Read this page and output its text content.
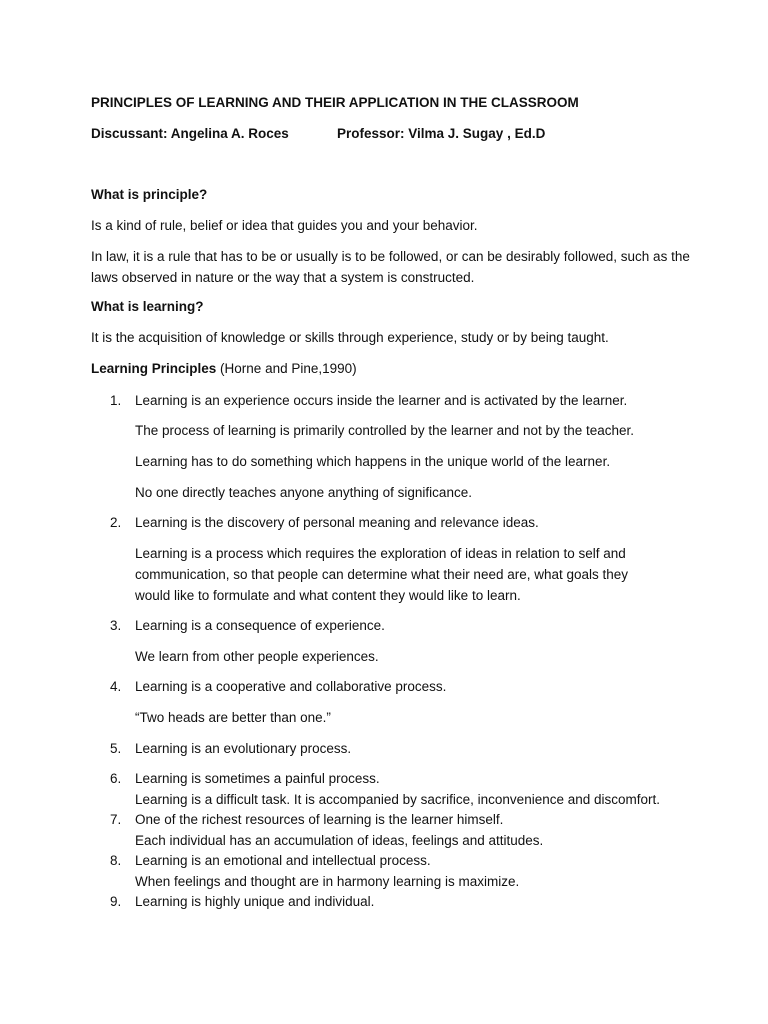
PRINCIPLES OF LEARNING AND THEIR APPLICATION IN THE CLASSROOM
Discussant: Angelina A. Roces	Professor: Vilma J. Sugay , Ed.D
What is principle?
Is a kind of rule, belief or idea that guides you and your behavior.
In law, it is a rule that has to be or usually is to be followed, or can be desirably followed, such as the laws observed in nature or the way that a system is constructed.
What is learning?
It is the acquisition of knowledge or skills through experience, study or by being taught.
Learning Principles (Horne and Pine,1990)
1. Learning is an experience occurs inside the learner and is activated by the learner.
The process of learning is primarily controlled by the learner and not by the teacher.
Learning has to do something which happens in the unique world of the learner.
No one directly teaches anyone anything of significance.
2. Learning is the discovery of personal meaning and relevance ideas.
Learning is a process which requires the exploration of ideas in relation to self and communication, so that people can determine what their need are, what goals they would like to formulate and what content they would like to learn.
3. Learning is a consequence of experience.
We learn from other people experiences.
4. Learning is a cooperative and collaborative process.
“Two heads are better than one.”
5. Learning is an evolutionary process.
6. Learning is sometimes a painful process.
Learning is a difficult task. It is accompanied by sacrifice, inconvenience and discomfort.
7. One of the richest resources of learning is the learner himself.
Each individual has an accumulation of ideas, feelings and attitudes.
8. Learning is an emotional and intellectual process.
When feelings and thought are in harmony learning is maximize.
9. Learning is highly unique and individual.
